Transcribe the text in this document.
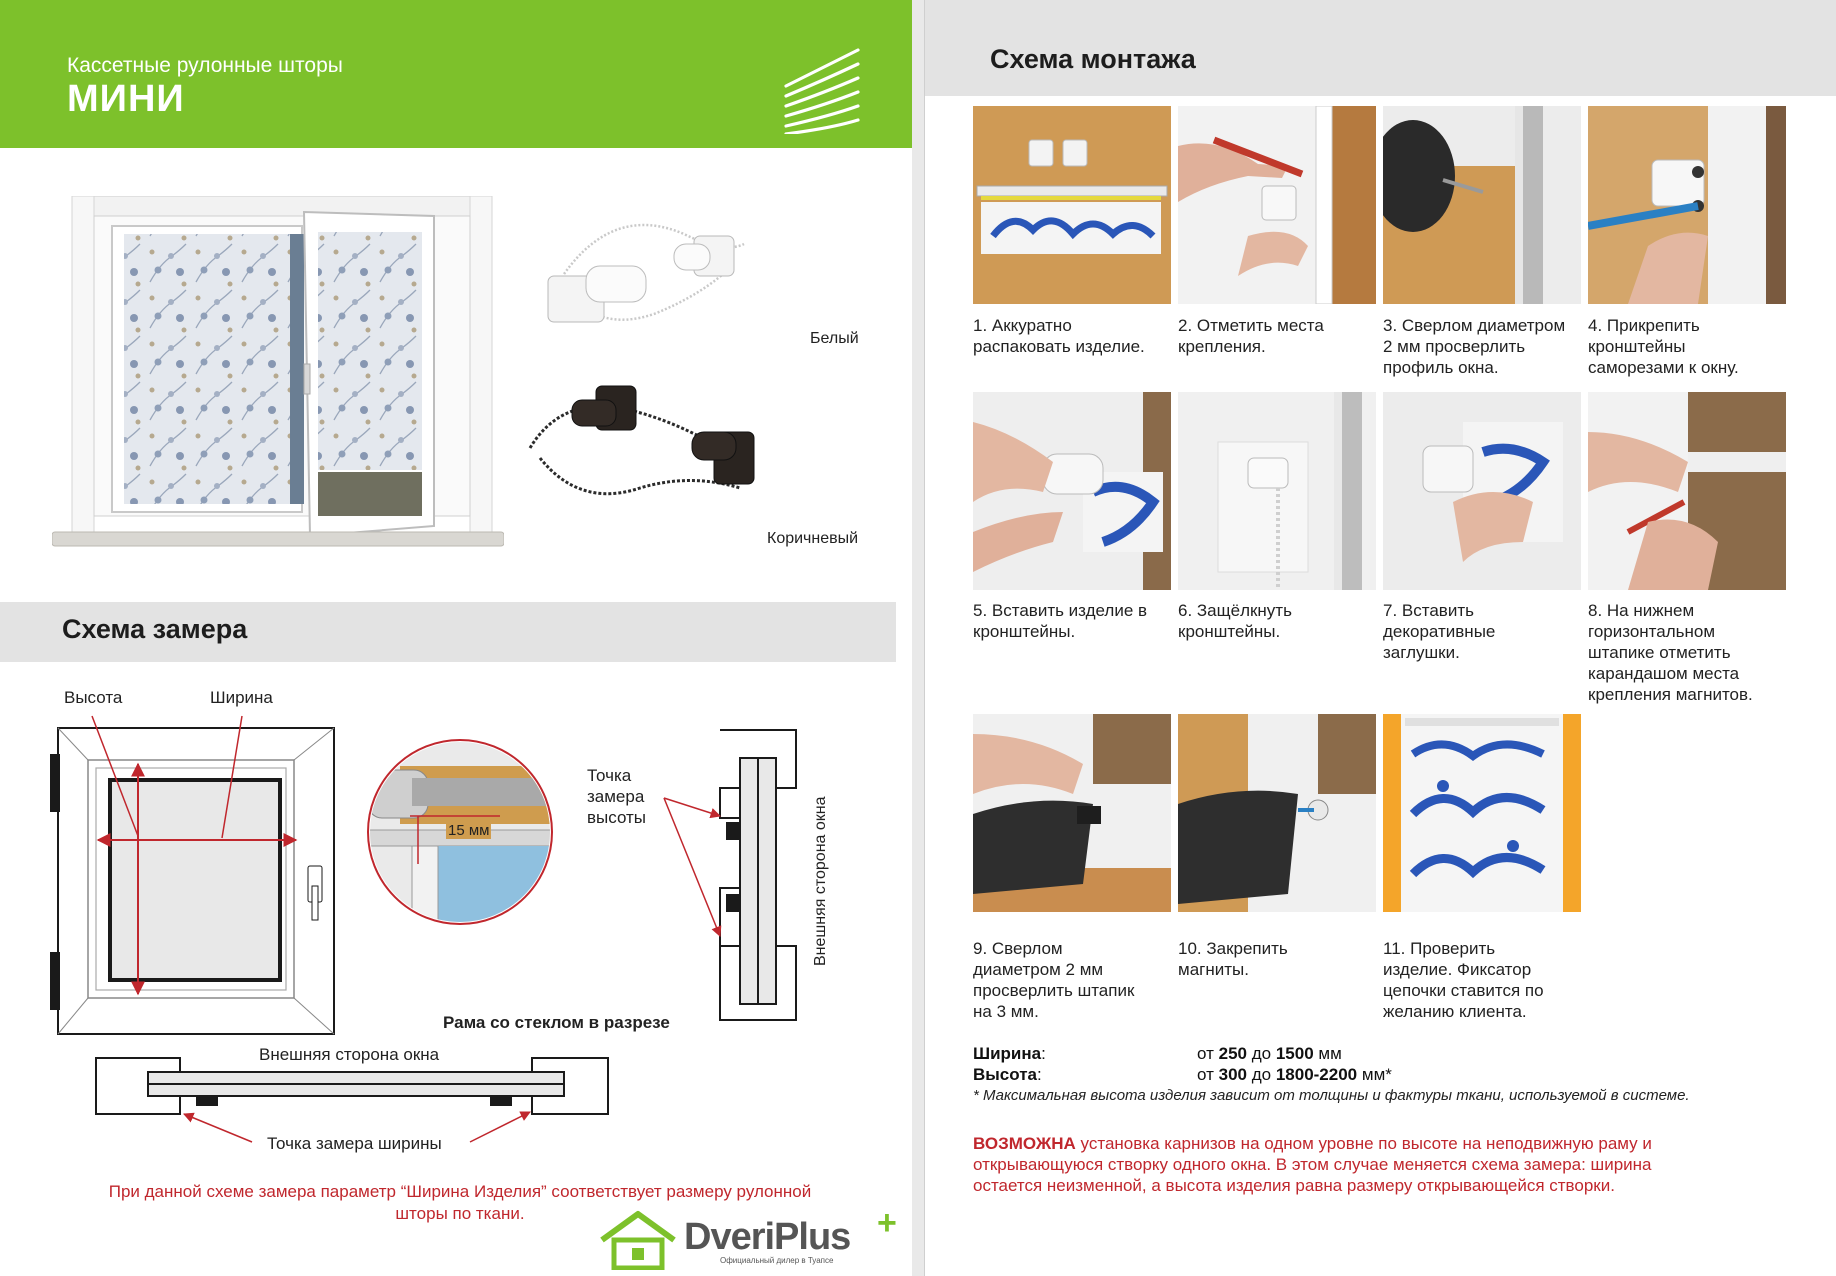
Кассетные рулонные шторы
МИНИ
Белый
Коричневый
Схема замера
Высота	Ширина
15 мм
Точка
замера
высоты	Внешняя сторона окна
Рама со стеклом в разрезе
Внешняя сторона окна
Точка замера ширины
При данной схеме замера параметр “Ширина Изделия” соответствует размеру рулонной
шторы по ткани.
DveriPlus +
Официальный дилер в Туапсе
Схема монтажа
1. Аккуратно
распаковать изделие.
2. Отметить места
крепления.
3. Сверлом диаметром
2 мм просверлить
профиль окна.
4. Прикрепить
кронштейны
саморезами к окну.
5. Вставить изделие в
кронштейны.
6. Защёлкнуть
кронштейны.
7. Вставить
декоративные
заглушки.
8. На нижнем
горизонтальном
штапике отметить
карандашом места
крепления магнитов.
9. Сверлом
диаметром 2 мм
просверлить штапик
на 3 мм.
10. Закрепить
магниты.
11. Проверить
изделие. Фиксатор
цепочки ставится по
желанию клиента.
Ширина:	от 250 до 1500 мм
Высота:	от 300 до 1800-2200 мм*
* Максимальная высота изделия зависит от толщины и фактуры ткани, используемой в системе.
ВОЗМОЖНА установка карнизов на одном уровне по высоте на неподвижную раму и
открывающуюся створку одного окна. В этом случае меняется схема замера: ширина
остается неизменной, а высота изделия равна размеру открывающейся створки.
